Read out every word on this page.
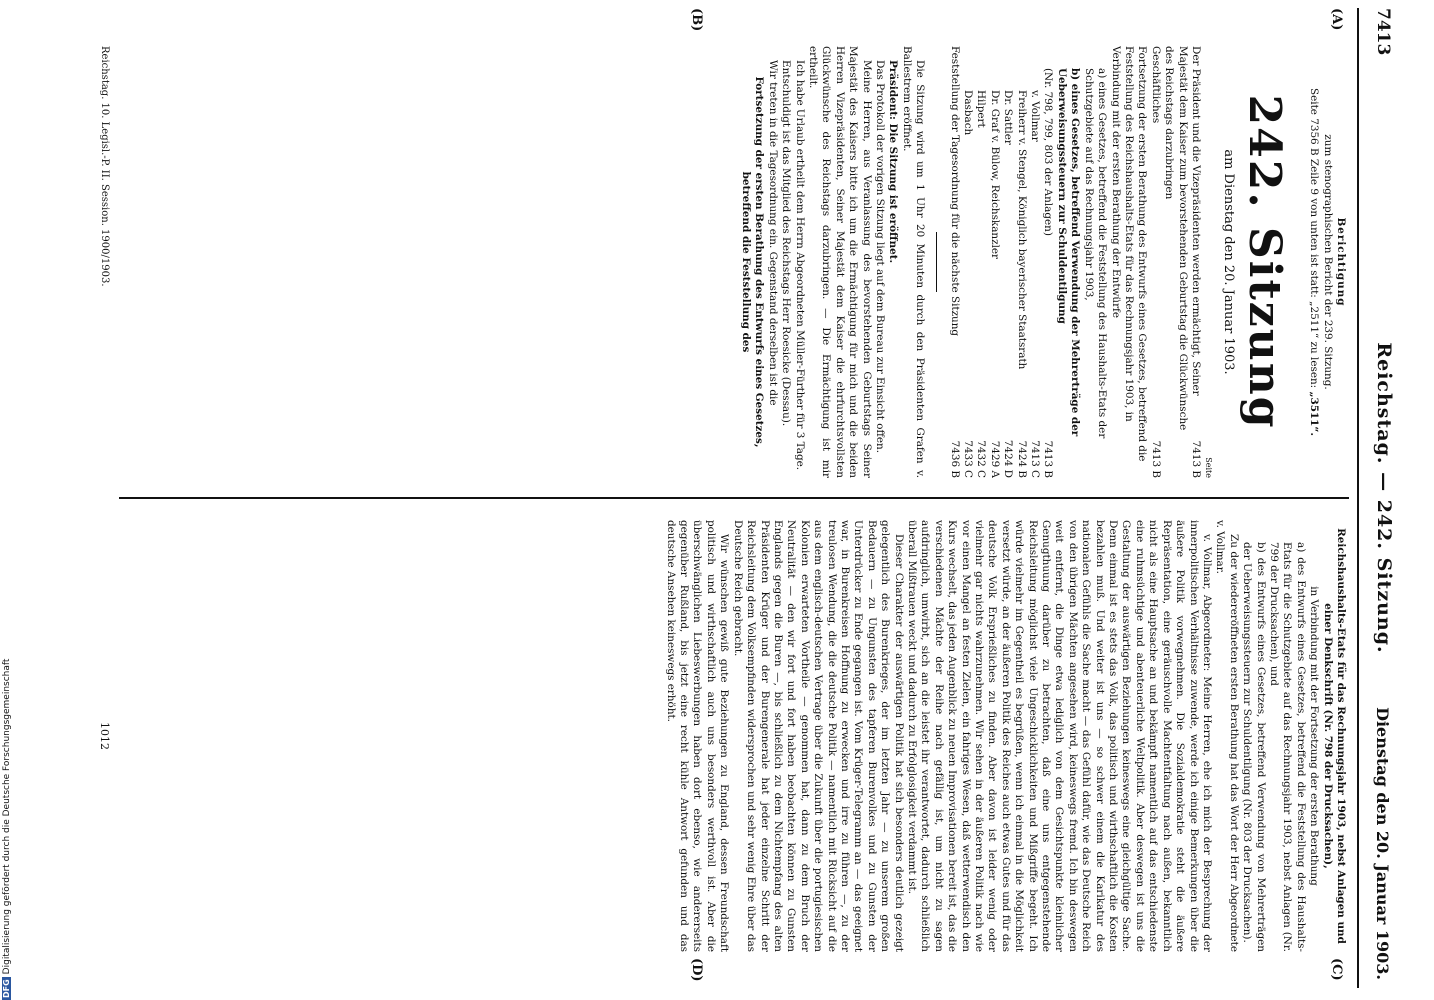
7413
Reichstag. — 242. Sitzung.
Dienstag den 20. Januar 1903.
(A)
(B)
(C)
(D)

Berichtigung

zum stenographischen Bericht der 239. Sitzung.

Seite 7356 B Zeile 9 von unten ist statt: „2511“ zu lesen: „3511“.

242. Sitzung

am Dienstag den 20. Januar 1903.

Seite

Der Präsident und die Vizepräsidenten werden ermächtigt, Seiner Majestät dem Kaiser zum bevorstehenden Geburtstag die Glückwünsche des Reichstags darzubringen
7413 B
Geschäftliches
7413 B
Fortsetzung der ersten Berathung des Entwurfs eines Gesetzes, betreffend die Feststellung des Reichshaushalts-Etats für das Rechnungsjahr 1903, in Verbindung mit der ersten Berathung der Entwürfe
a) eines Gesetzes, betreffend die Feststellung des Haushalts-Etats der Schutzgebiete auf das Rechnungsjahr 1903,
b) eines Gesetzes, betreffend Verwendung der Mehrerträge der Ueberweisungssteuern zur Schuldentilgung
(Nr. 798, 799, 803 der Anlagen)
7413 B
v. Vollmar
7413 C
Freiherr v. Stengel, Königlich bayerischer Staatsrath
7424 B
Dr. Sattler
7424 D
Dr. Graf v. Bülow, Reichskanzler
7429 A
Hilpert
7432 C
Dasbach
7433 C
Feststellung der Tagesordnung für die nächste Sitzung
7436 B

Die Sitzung wird um 1 Uhr 20 Minuten durch den Präsidenten Grafen v. Ballestrem eröffnet.

Präsident: Die Sitzung ist eröffnet.

Das Protokoll der vorigen Sitzung liegt auf dem Bureau zur Einsicht offen.

Meine Herren, aus Veranlassung des bevorstehenden Geburtstags Seiner Majestät des Kaisers bitte ich um die Ermächtigung für mich und die beiden Herren Vizepräsidenten, Seiner Majestät dem Kaiser die ehrfurchtsvollsten Glückwünsche des Reichstags darzubringen. — Die Ermächtigung ist mir ertheilt.

Ich habe Urlaub ertheilt dem Herrn Abgeordneten Müller-Fürther für 3 Tage.

Entschuldigt ist das Mitglied des Reichstags Herr Roesicke (Dessau).

Wir treten in die Tagesordnung ein. Gegenstand derselben ist die

Fortsetzung der ersten Berathung des Entwurfs eines Gesetzes, betreffend die Feststellung des

Reichshaushalts-Etats für das Rechnungsjahr 1903, nebst Anlagen und einer Denkschrift (Nr. 798 der Drucksachen),

in Verbindung mit der Fortsetzung der ersten Berathung

a) des Entwurfs eines Gesetzes, betreffend die Feststellung des Haushalts-Etats für die Schutzgebiete auf das Rechnungsjahr 1903, nebst Anlagen (Nr. 799 der Drucksachen), und

b) des Entwurfs eines Gesetzes, betreffend Verwendung von Mehrerträgen der Ueberweisungssteuern zur Schuldentilgung (Nr. 803 der Drucksachen).

Zu der wiedereröffneten ersten Berathung hat das Wort der Herr Abgeordnete v. Vollmar.

v. Vollmar, Abgeordneter: Meine Herren, ehe ich mich der Besprechung der innerpolitischen Verhältnisse zuwende, werde ich einige Bemerkungen über die äußere Politik vorwegnehmen. Die Sozialdemokratie steht die äußere Repräsentation, eine geräuschvolle Machtentfaltung nach außen, bekanntlich nicht als eine Hauptsache an und bekämpft namentlich auf das entschiedenste eine ruhmsüchtige und abenteuerliche Weltpolitik. Aber deswegen ist uns die Gestaltung der auswärtigen Beziehungen keineswegs eine gleichgültige Sache. Denn einmal ist es stets das Volk, das politisch und wirthschaftlich die Kosten bezahlen muß. Und weiter ist uns — so schwer einem die Karikatur des nationalen Gefühls die Sache macht — das Gefühl dafür, wie das Deutsche Reich von den übrigen Mächten angesehen wird, keineswegs fremd. Ich bin deswegen weit entfernt, die Dinge etwa lediglich von dem Gesichtspunkte kleinlicher Genugthuung darüber zu betrachten, daß eine uns entgegenstehende Reichsleitung möglichst viele Ungeschicklichkeiten und Mißgriffe begeht. Ich würde vielmehr im Gegentheil es begrüßen, wenn ich einmal in die Möglichkeit versetzt würde, an der äußeren Politik des Reiches auch etwas Gutes und für das deutsche Volk Ersprießliches zu finden. Aber davon ist leider wenig oder vielmehr gar nichts wahrzunehmen. Wir sehen in der äußeren Politik nach wie vor einen Mangel an festen Zielen, ein fahriges Wesen, daß wetterwendisch den Kurs wechselt, das jeden Augenblick zu neuen Improvisationen bereit ist, das die verschiedenen Mächte der Reihe nach gefällig ist, um nicht zu sagen aufdringlich, umwirbt, sich an die leistet ihr verantwortet, dadurch schließlich überall Mißtrauen weckt und dadurch zu Erfolglosigkeit verdammt ist.

Dieser Charakter der auswärtigen Politik hat sich besonders deutlich gezeigt gelegentlich des Burenkrieges, der im letzten Jahr — zu unserem großen Bedauern — zu Ungunsten des tapferen Burenvolkes und zu Gunsten der Unterdrücker zu Ende gegangen ist. Vom Krüger-Telegramm an — das geeignet war, in Burenkreisen Hoffnung zu erwecken und irre zu führen —, zu der treulosen Wendung, die die deutsche Politik — namentlich mit Rücksicht auf die aus dem englisch-deutschen Vertrage über die Zukunft über die portugiesischen Kolonien erwarteten Vortheile — genommen hat, dann zu dem Bruch der Neutralität — den wir fort und fort haben beobachten können zu Gunsten Englands gegen die Buren —, bis schließlich zu dem Nichtempfang des alten Präsidenten Krüger und der Burengenerale hat jeder einzelne Schritt der Reichsleitung dem Volksempfinden widersprochen und sehr wenig Ehre über das Deutsche Reich gebracht.

Wir wünschen gewiß gute Beziehungen zu England, dessen Freundschaft politisch und wirthschaftlich auch uns besonders werthvoll ist. Aber die überschwänglichen Liebeswerbungen haben dort ebenso, wie andererseits gegenüber Rußland, bis jetzt eine recht kühle Antwort gefunden und das deutsche Ansehen keineswegs erhöht.

Reichstag. 10. Legisl.-P. II. Session. 1900/1903.
1012
DFGDigitalisierung gefördert durch die Deutsche Forschungsgemeinschaft
